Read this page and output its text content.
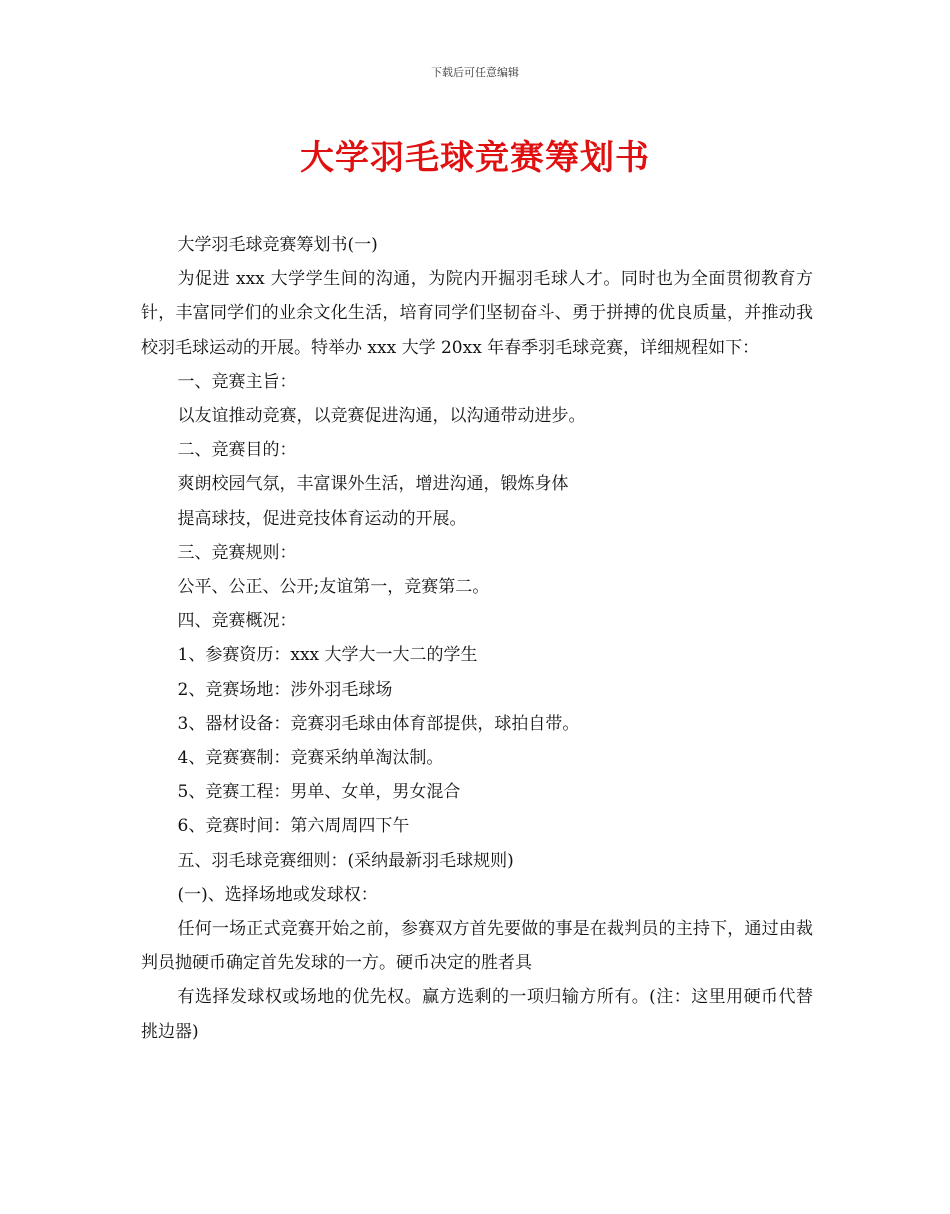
下载后可任意编辑
大学羽毛球竞赛筹划书

大学羽毛球竞赛筹划书(一)

为促进 xxx 大学学生间的沟通，为院内开掘羽毛球人才。同时也为全面贯彻教育方针，丰富同学们的业余文化生活，培育同学们坚韧奋斗、勇于拼搏的优良质量，并推动我校羽毛球运动的开展。特举办 xxx 大学 20xx 年春季羽毛球竞赛，详细规程如下：

一、竞赛主旨：

以友谊推动竞赛，以竞赛促进沟通，以沟通带动进步。

二、竞赛目的：

爽朗校园气氛，丰富课外生活，增进沟通，锻炼身体

提高球技，促进竞技体育运动的开展。

三、竞赛规则：

公平、公正、公开;友谊第一，竞赛第二。

四、竞赛概况：

1、参赛资历：xxx 大学大一大二的学生

2、竞赛场地：涉外羽毛球场

3、器材设备：竞赛羽毛球由体育部提供，球拍自带。

4、竞赛赛制：竞赛采纳单淘汰制。

5、竞赛工程：男单、女单，男女混合

6、竞赛时间：第六周周四下午

五、羽毛球竞赛细则：(采纳最新羽毛球规则)

(一)、选择场地或发球权：

任何一场正式竞赛开始之前，参赛双方首先要做的事是在裁判员的主持下，通过由裁判员抛硬币确定首先发球的一方。硬币决定的胜者具

有选择发球权或场地的优先权。赢方选剩的一项归输方所有。(注：这里用硬币代替挑边器)
